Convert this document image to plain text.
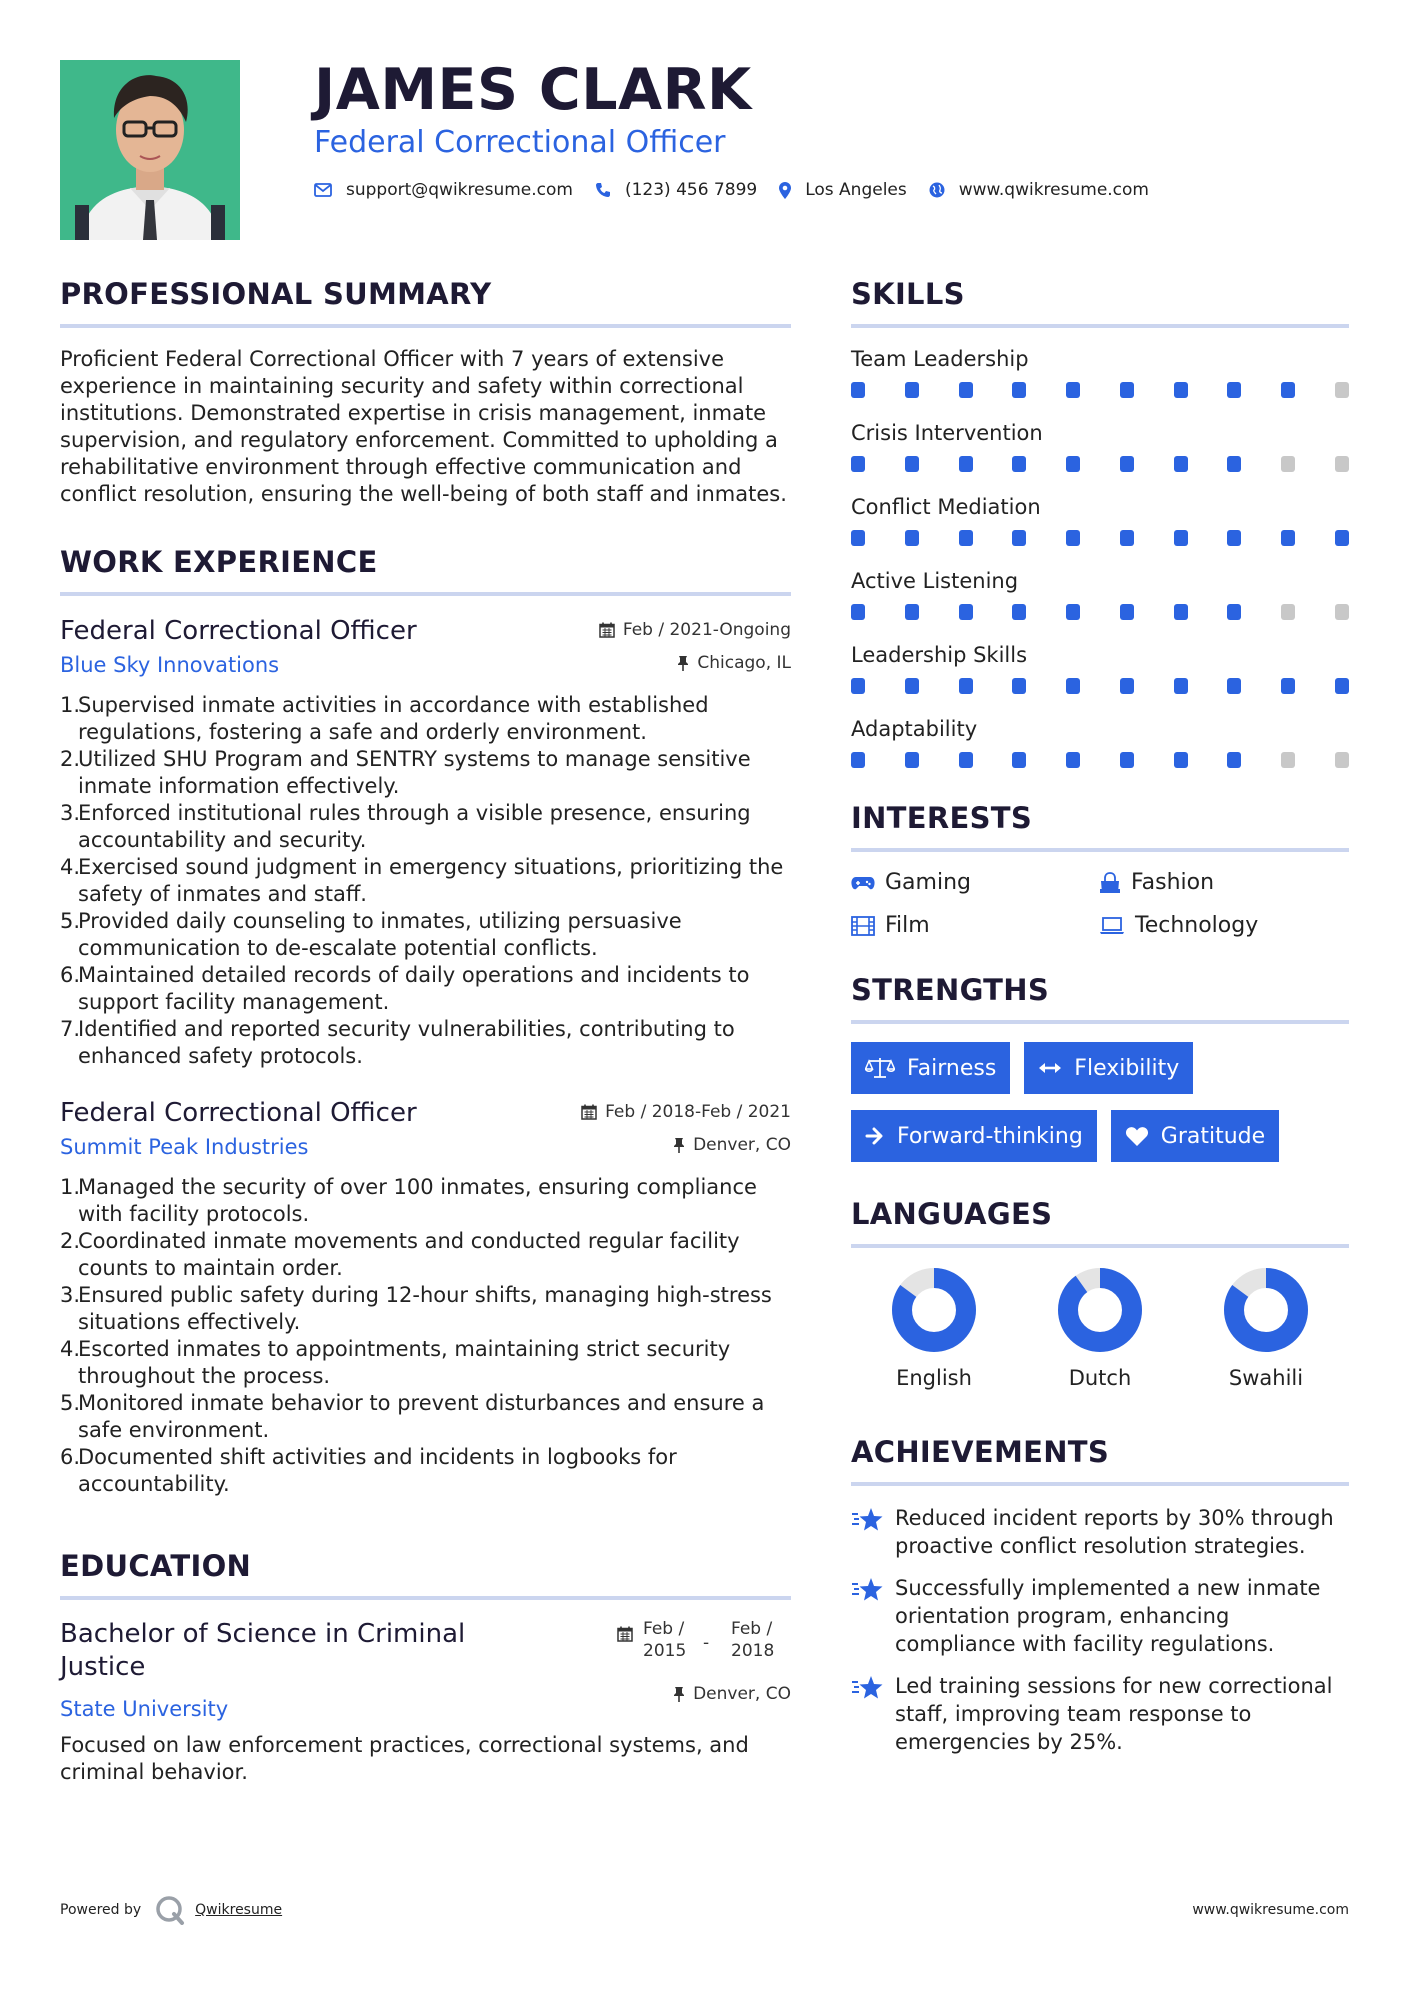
JAMES CLARK
Federal Correctional Officer
support@qwikresume.com	(123) 456 7899	Los Angeles	www.qwikresume.com
PROFESSIONAL SUMMARY

Proficient Federal Correctional Officer with 7 years of extensive experience in maintaining security and safety within correctional institutions. Demonstrated expertise in crisis management, inmate supervision, and regulatory enforcement. Committed to upholding a rehabilitative environment through effective communication and conflict resolution, ensuring the well-being of both staff and inmates.

WORK EXPERIENCE
Federal Correctional Officer
Blue Sky Innovations
Feb / 2021-Ongoing
Chicago, IL
1.
Supervised inmate activities in accordance with established regulations, fostering a safe and orderly environment.
2.
Utilized SHU Program and SENTRY systems to manage sensitive inmate information effectively.
3.
Enforced institutional rules through a visible presence, ensuring accountability and security.
4.
Exercised sound judgment in emergency situations, prioritizing the safety of inmates and staff.
5.
Provided daily counseling to inmates, utilizing persuasive communication to de-escalate potential conflicts.
6.
Maintained detailed records of daily operations and incidents to support facility management.
7.
Identified and reported security vulnerabilities, contributing to enhanced safety protocols.
Federal Correctional Officer
Summit Peak Industries
Feb / 2018-Feb / 2021
Denver, CO
1.
Managed the security of over 100 inmates, ensuring compliance with facility protocols.
2.
Coordinated inmate movements and conducted regular facility counts to maintain order.
3.
Ensured public safety during 12-hour shifts, managing high-stress situations effectively.
4.
Escorted inmates to appointments, maintaining strict security throughout the process.
5.
Monitored inmate behavior to prevent disturbances and ensure a safe environment.
6.
Documented shift activities and incidents in logbooks for accountability.
EDUCATION
Bachelor of Science in Criminal Justice
State University
Feb / 2015 -
Feb / 2018
Denver, CO

Focused on law enforcement practices, correctional systems, and criminal behavior.

SKILLS
Team Leadership
Crisis Intervention
Conflict Mediation
Active Listening
Leadership Skills
Adaptability
INTERESTS
Gaming	Fashion
Film	Technology
STRENGTHS
Fairness	Flexibility
Forward-thinking	Gratitude
LANGUAGES
English	Dutch	Swahili
ACHIEVEMENTS
Reduced incident reports by 30% through proactive conflict resolution strategies.
Successfully implemented a new inmate orientation program, enhancing compliance with facility regulations.
Led training sessions for new correctional staff, improving team response to emergencies by 25%.
Powered by	Qwikresume	www.qwikresume.com
